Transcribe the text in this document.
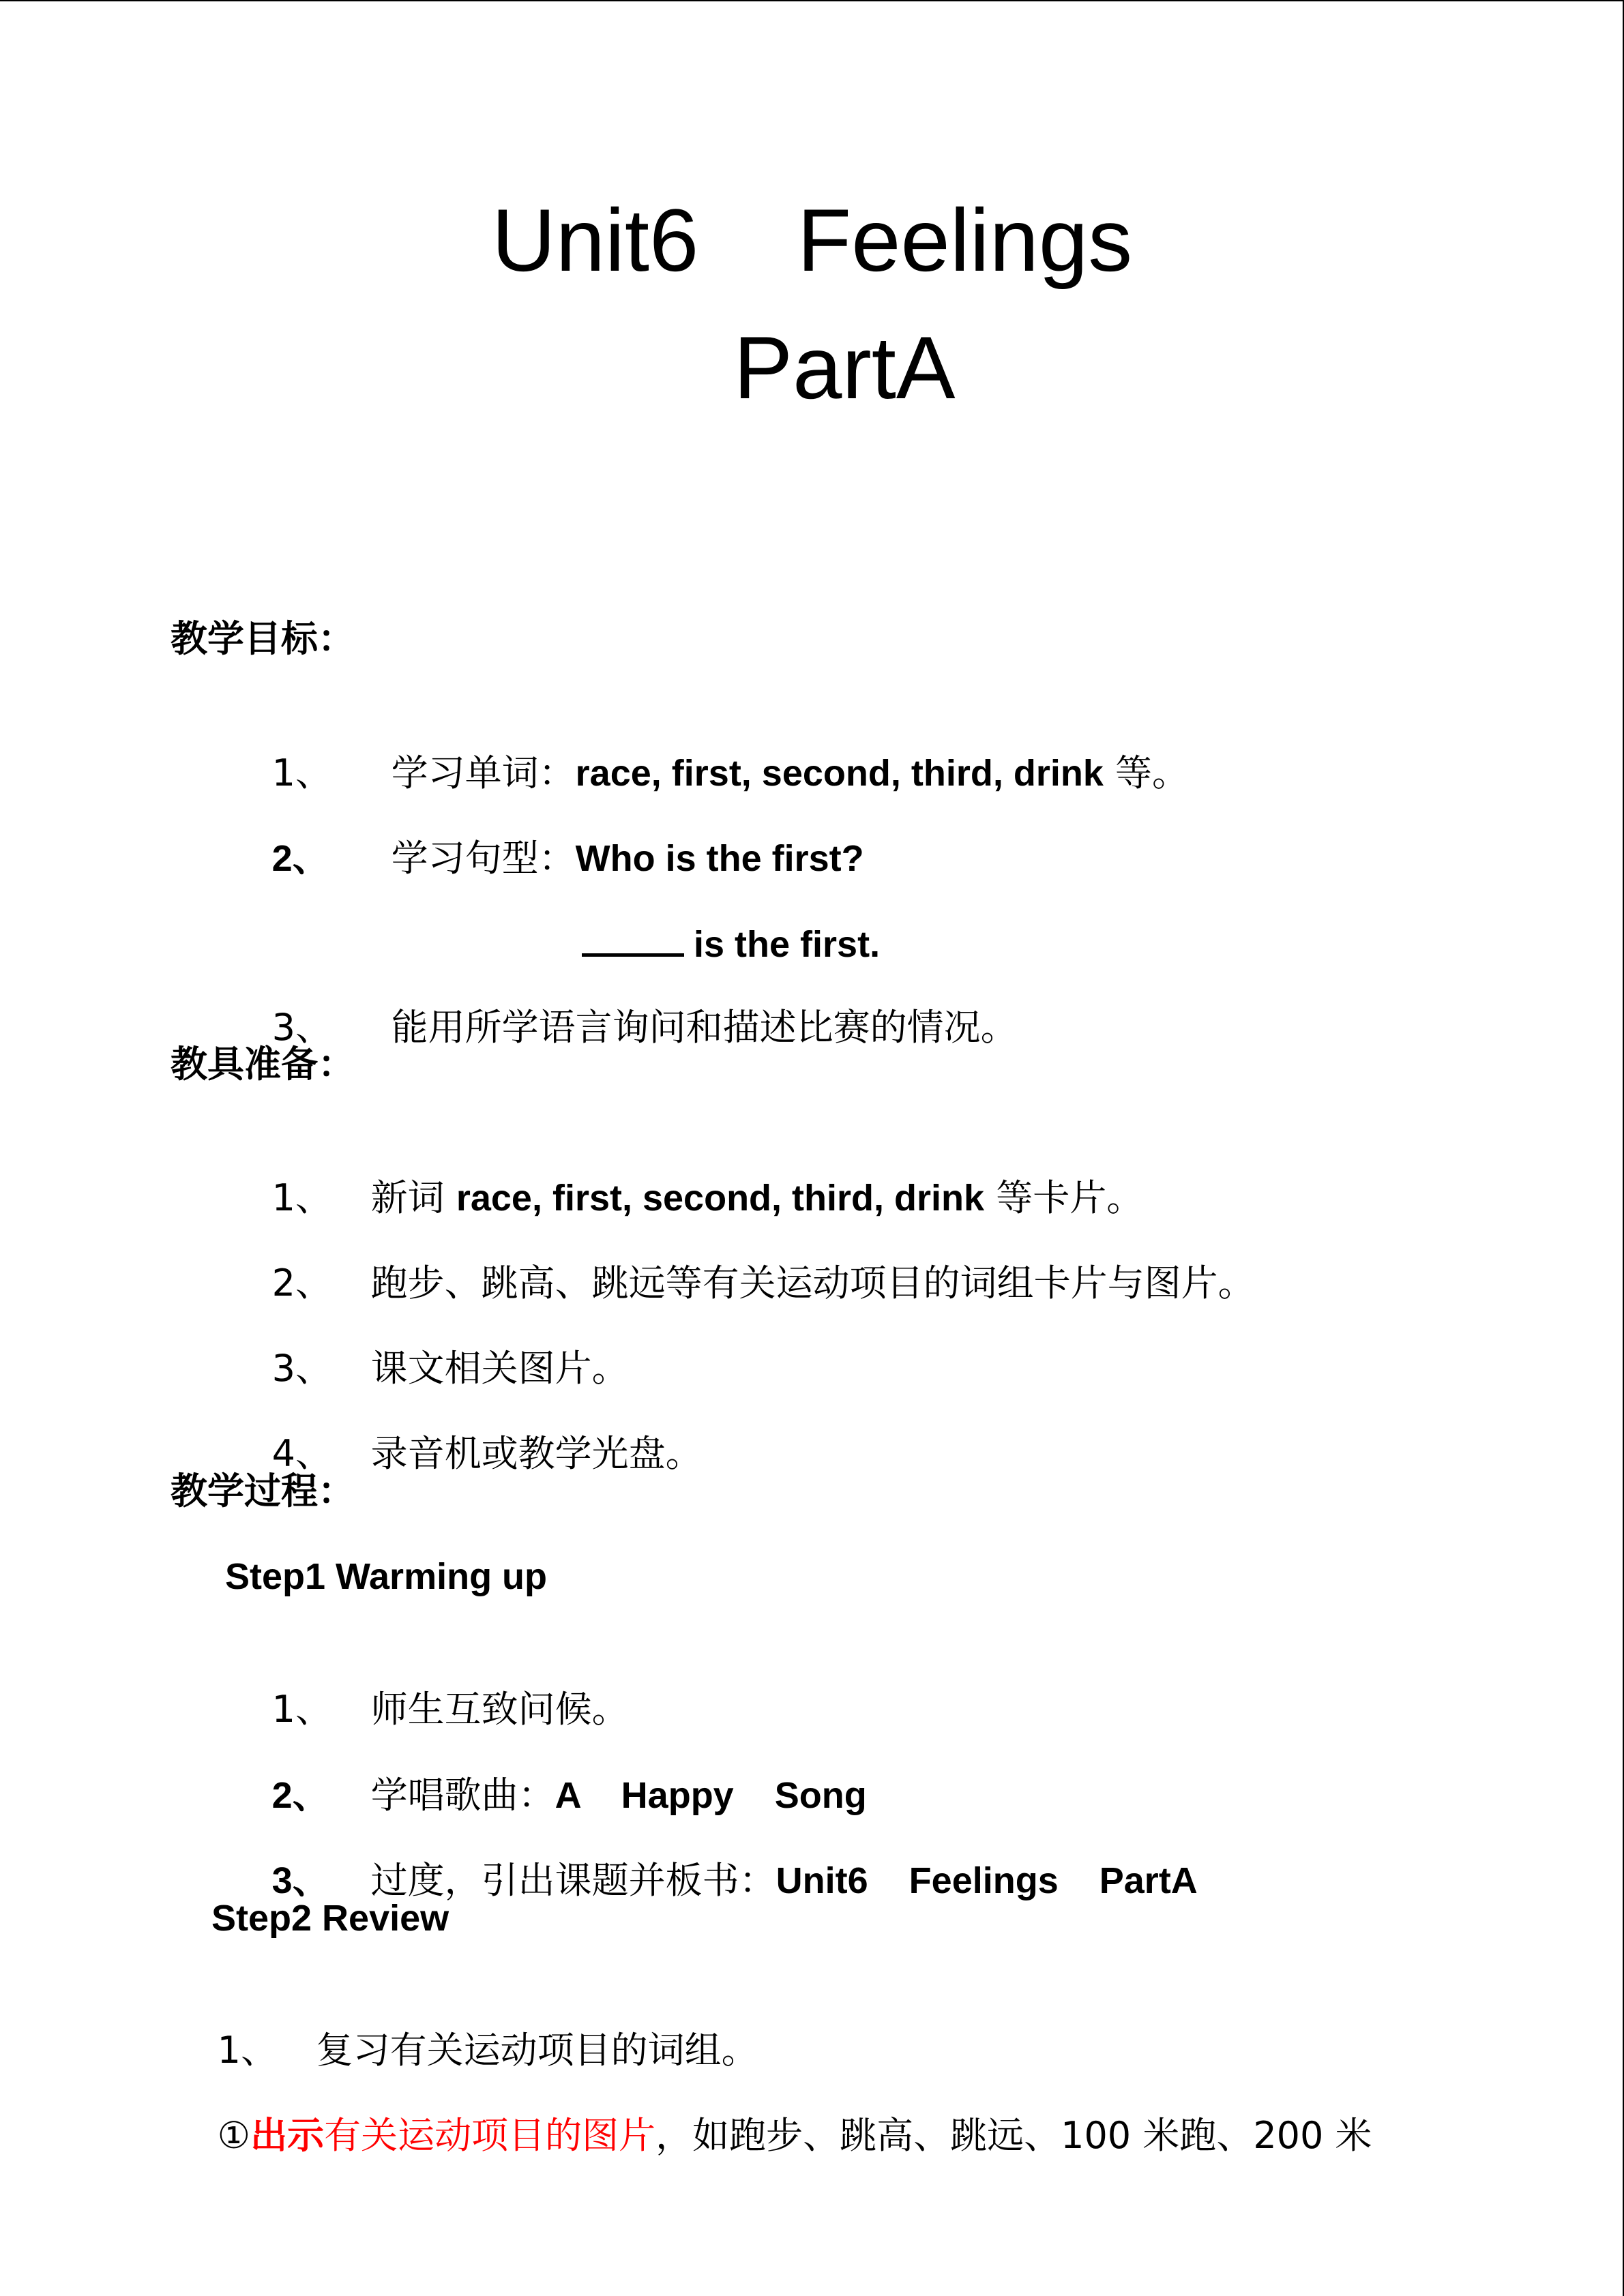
Unit6    Feelings
PartA
教学目标：

1、 学习单词：race, first, second, third, drink 等。

2、 学习句型：Who is the first?

is the first.

3、 能用所学语言询问和描述比赛的情况。

教具准备：

1、 新词 race, first, second, third, drink 等卡片。

2、 跑步、跳高、跳远等有关运动项目的词组卡片与图片。

3、 课文相关图片。

4、 录音机或教学光盘。

教学过程：
Step1 Warming up

1、 师生互致问候。

2、 学唱歌曲：A    Happy    Song

3、 过度，引出课题并板书：Unit6    Feelings    PartA

Step2 Review

1、 复习有关运动项目的词组。

①出示有关运动项目的图片，如跑步、跳高、跳远、100 米跑、200 米
